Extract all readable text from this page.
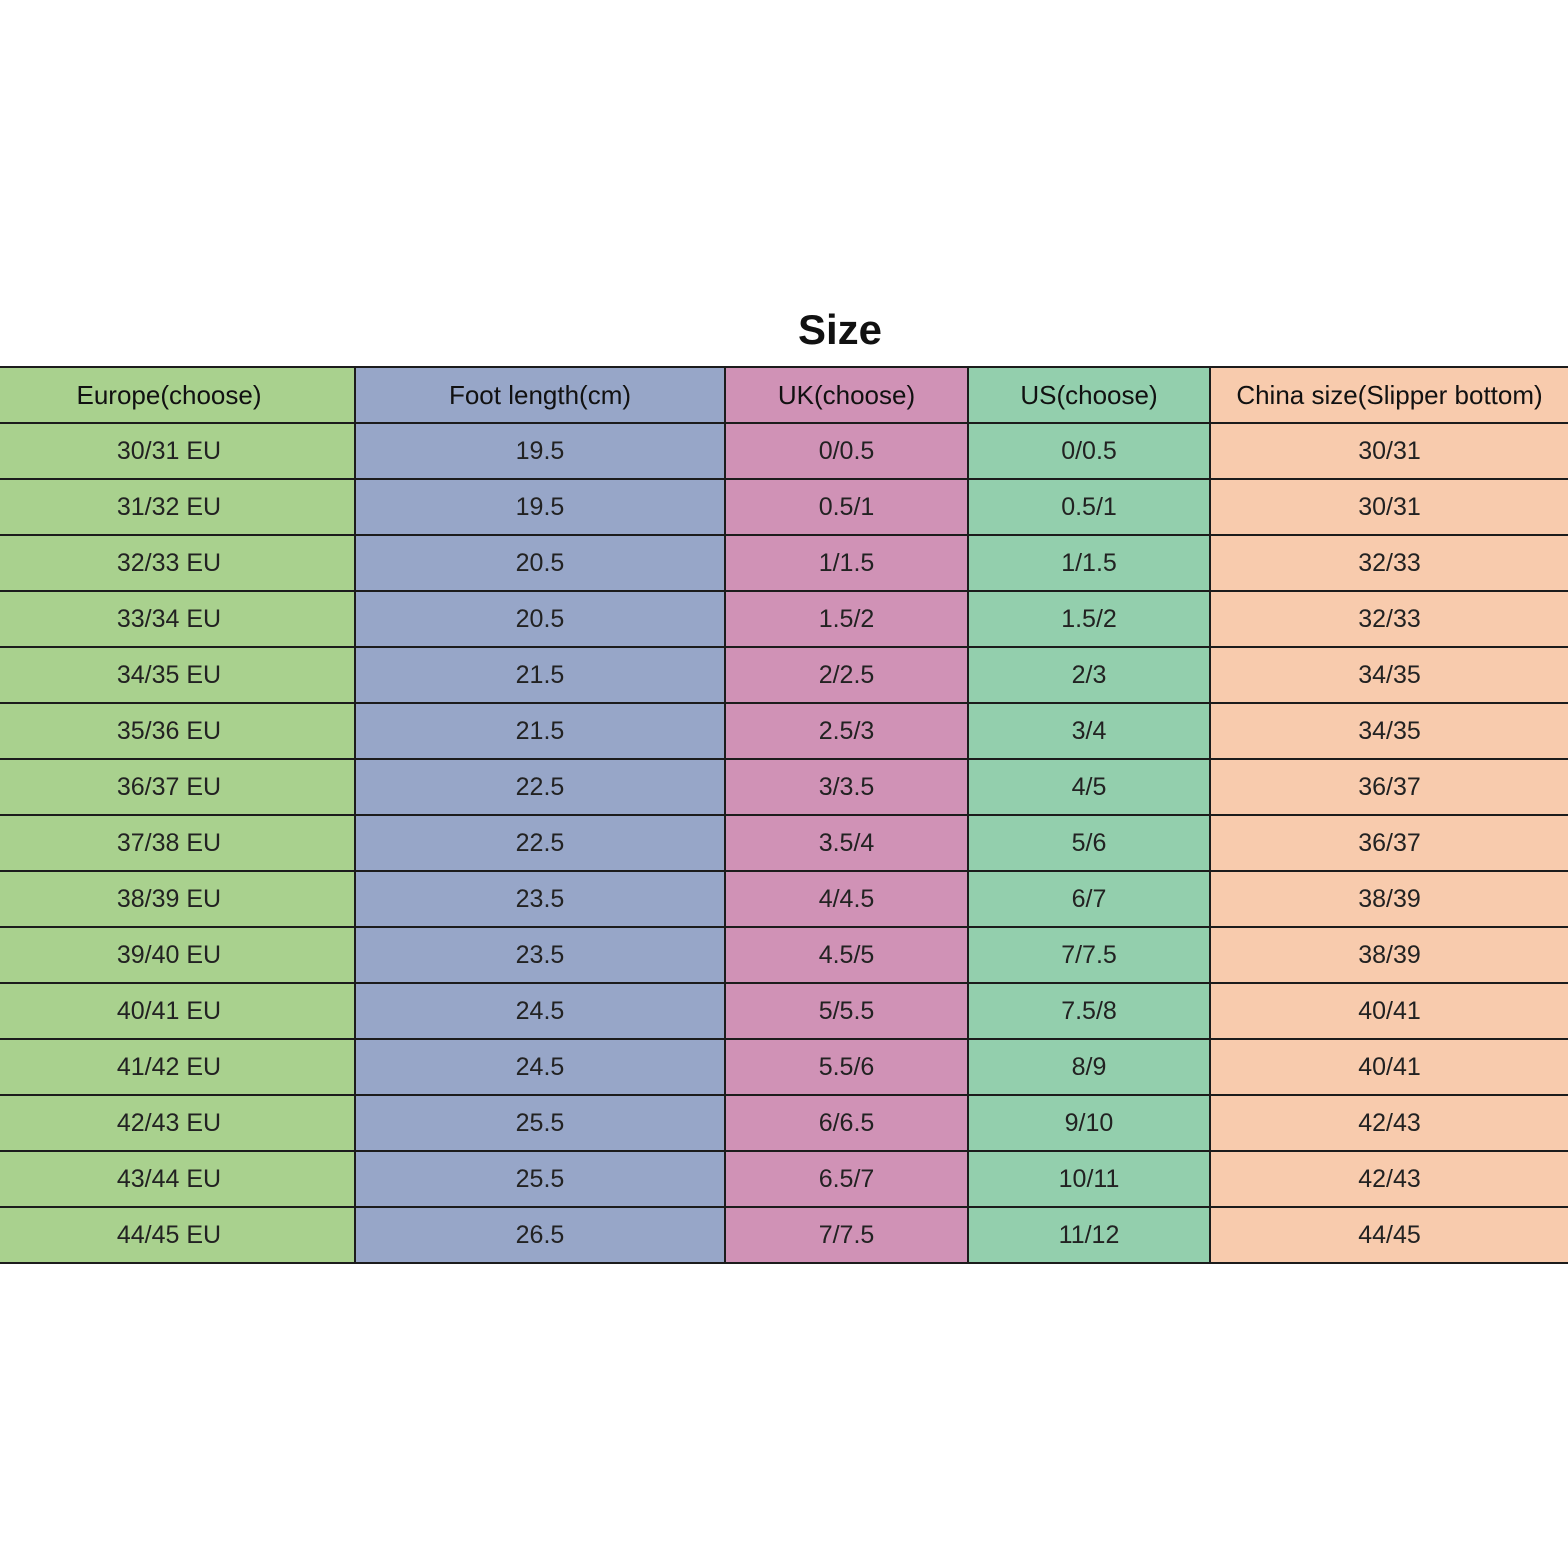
Size
Europe(choose)	Foot length(cm)	UK(choose)	US(choose)	China size(Slipper bottom)
30/31 EU	19.5	0/0.5	0/0.5	30/31
31/32 EU	19.5	0.5/1	0.5/1	30/31
32/33 EU	20.5	1/1.5	1/1.5	32/33
33/34 EU	20.5	1.5/2	1.5/2	32/33
34/35 EU	21.5	2/2.5	2/3	34/35
35/36 EU	21.5	2.5/3	3/4	34/35
36/37 EU	22.5	3/3.5	4/5	36/37
37/38 EU	22.5	3.5/4	5/6	36/37
38/39 EU	23.5	4/4.5	6/7	38/39
39/40 EU	23.5	4.5/5	7/7.5	38/39
40/41 EU	24.5	5/5.5	7.5/8	40/41
41/42 EU	24.5	5.5/6	8/9	40/41
42/43 EU	25.5	6/6.5	9/10	42/43
43/44 EU	25.5	6.5/7	10/11	42/43
44/45 EU	26.5	7/7.5	11/12	44/45
